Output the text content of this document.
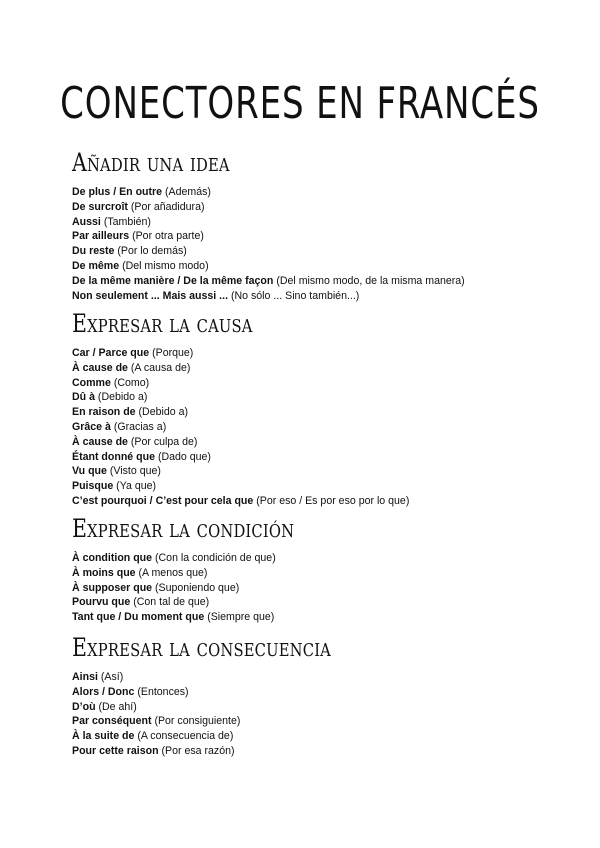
CONECTORES EN FRANCÉS
Añadir una idea
De plus / En outre (Además)
De surcroît (Por añadidura)
Aussi (También)
Par ailleurs (Por otra parte)
Du reste (Por lo demás)
De même (Del mismo modo)
De la même manière / De la même façon (Del mismo modo, de la misma manera)
Non seulement ... Mais aussi ... (No sólo ... Sino también...)
Expresar la causa
Car / Parce que (Porque)
À cause de (A causa de)
Comme (Como)
Dû à (Debido a)
En raison de (Debido a)
Grâce à (Gracias a)
À cause de (Por culpa de)
Étant donné que (Dado que)
Vu que (Visto que)
Puisque (Ya que)
C’est pourquoi / C’est pour cela que (Por eso / Es por eso por lo que)
Expresar la condición
À condition que (Con la condición de que)
À moins que (A menos que)
À supposer que (Suponiendo que)
Pourvu que (Con tal de que)
Tant que / Du moment que (Siempre que)
Expresar la consecuencia
Ainsi (Así)
Alors / Donc (Entonces)
D’où (De ahí)
Par conséquent (Por consiguiente)
À la suite de (A consecuencia de)
Pour cette raison (Por esa razón)
